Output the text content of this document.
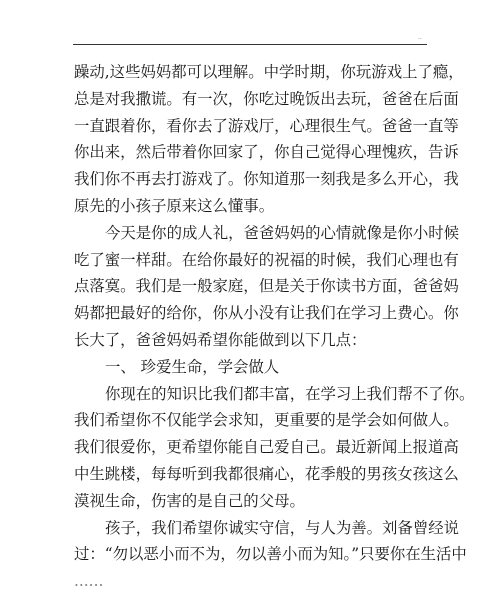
..
躁动,这些妈妈都可以理解。中学时期，你玩游戏上了瘾，
总是对我撒谎。有一次，你吃过晚饭出去玩，爸爸在后面
一直跟着你，看你去了游戏厅，心理很生气。爸爸一直等
你出来，然后带着你回家了，你自己觉得心理愧疚，告诉
我们你不再去打游戏了。你知道那一刻我是多么开心，我
原先的小孩子原来这么懂事。
今天是你的成人礼，爸爸妈妈的心情就像是你小时候
吃了蜜一样甜。在给你最好的祝福的时候，我们心理也有
点落寞。我们是一般家庭，但是关于你读书方面，爸爸妈
妈都把最好的给你，你从小没有让我们在学习上费心。你
长大了，爸爸妈妈希望你能做到以下几点：
一、 珍爱生命，学会做人
你现在的知识比我们都丰富，在学习上我们帮不了你。
我们希望你不仅能学会求知，更重要的是学会如何做人。
我们很爱你，更希望你能自己爱自己。最近新闻上报道高
中生跳楼，每每听到我都很痛心，花季般的男孩女孩这么
漠视生命，伤害的是自己的父母。
孩子，我们希望你诚实守信，与人为善。刘备曾经说
过：“勿以恶小而不为，勿以善小而为知。”只要你在生活中
......
